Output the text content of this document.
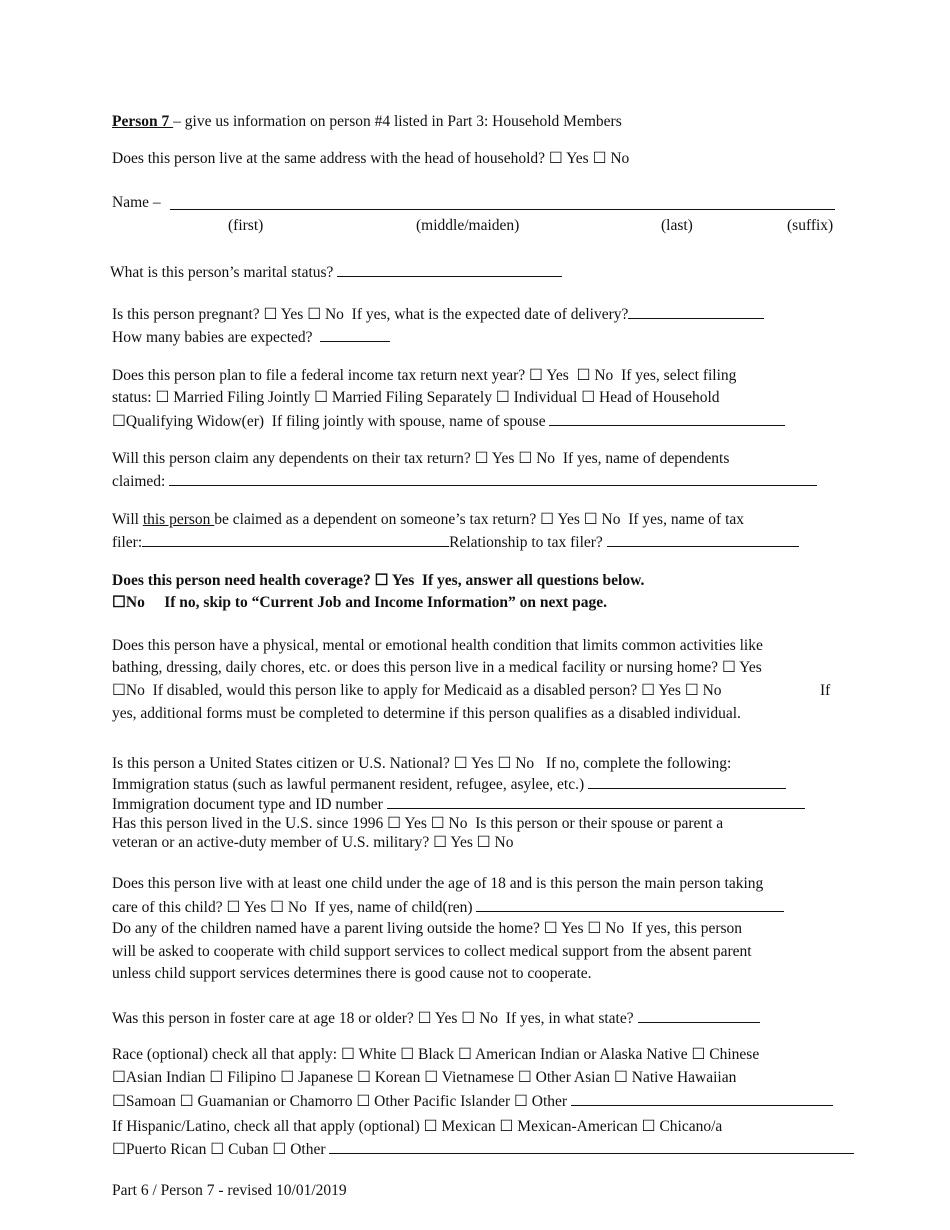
Person 7 – give us information on person #4 listed in Part 3: Household Members
Does this person live at the same address with the head of household? ☐ Yes ☐ No
Name –
(first)	(middle/maiden)	(last)	(suffix)
What is this person’s marital status?
Is this person pregnant? ☐ Yes ☐ No If yes, what is the expected date of delivery?
How many babies are expected?
Does this person plan to file a federal income tax return next year? ☐ Yes ☐ No If yes, select filing
status: ☐ Married Filing Jointly ☐ Married Filing Separately ☐ Individual ☐ Head of Household
☐Qualifying Widow(er) If filing jointly with spouse, name of spouse
Will this person claim any dependents on their tax return? ☐ Yes ☐ No If yes, name of dependents
claimed:
Will this person be claimed as a dependent on someone’s tax return? ☐ Yes ☐ No If yes, name of tax
filer:	Relationship to tax filer?
Does this person need health coverage? ☐ Yes If yes, answer all questions below.
☐No If no, skip to “Current Job and Income Information” on next page.
Does this person have a physical, mental or emotional health condition that limits common activities like
bathing, dressing, daily chores, etc. or does this person live in a medical facility or nursing home? ☐ Yes
☐No If disabled, would this person like to apply for Medicaid as a disabled person? ☐ Yes ☐ No	If
yes, additional forms must be completed to determine if this person qualifies as a disabled individual.
Is this person a United States citizen or U.S. National? ☐ Yes ☐ No If no, complete the following:
Immigration status (such as lawful permanent resident, refugee, asylee, etc.)
Immigration document type and ID number
Has this person lived in the U.S. since 1996 ☐ Yes ☐ No Is this person or their spouse or parent a
veteran or an active-duty member of U.S. military? ☐ Yes ☐ No
Does this person live with at least one child under the age of 18 and is this person the main person taking
care of this child? ☐ Yes ☐ No If yes, name of child(ren)
Do any of the children named have a parent living outside the home? ☐ Yes ☐ No If yes, this person
will be asked to cooperate with child support services to collect medical support from the absent parent
unless child support services determines there is good cause not to cooperate.
Was this person in foster care at age 18 or older? ☐ Yes ☐ No If yes, in what state?
Race (optional) check all that apply: ☐ White ☐ Black ☐ American Indian or Alaska Native ☐ Chinese
☐Asian Indian ☐ Filipino ☐ Japanese ☐ Korean ☐ Vietnamese ☐ Other Asian ☐ Native Hawaiian
☐Samoan ☐ Guamanian or Chamorro ☐ Other Pacific Islander ☐ Other
If Hispanic/Latino, check all that apply (optional) ☐ Mexican ☐ Mexican-American ☐ Chicano/a
☐Puerto Rican ☐ Cuban ☐ Other
Part 6 / Person 7 - revised 10/01/2019
